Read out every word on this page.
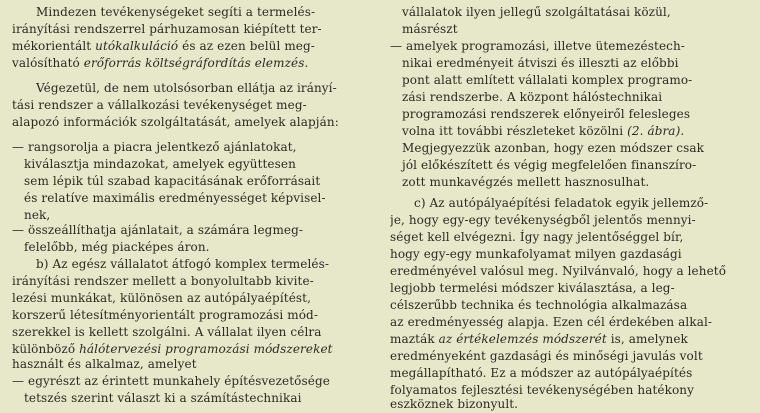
Mindezen tevékenységeket segíti a termelés-
irányítási rendszerrel párhuzamosan kiépített ter-
mékorientált utókalkuláció és az ezen belül meg-
valósítható erőforrás költségráfordítás elemzés.
Végezetül, de nem utolsósorban ellátja az irányí-
tási rendszer a vállalkozási tevékenységet meg-
alapozó információk szolgáltatását, amelyek alapján:
— rangsorolja a piacra jelentkező ajánlatokat,
kiválasztja mindazokat, amelyek együttesen
sem lépik túl szabad kapacitásának erőforrásait
és relatíve maximális eredményességet képvisel-
nek,
— összeállíthatja ajánlatait, a számára legmeg-
felelőbb, még piacképes áron.
b) Az egész vállalatot átfogó komplex termelés-
irányítási rendszer mellett a bonyolultabb kivite-
lezési munkákat, különösen az autópályaépítést,
korszerű létesítményorientált programozási mód-
szerekkel is kellett szolgálni. A vállalat ilyen célra
különböző hálótervezési programozási módszereket
használt és alkalmaz, amelyet
— egyrészt az érintett munkahely építésvezetősége
tetszés szerint választ ki a számítástechnikai
vállalatok ilyen jellegű szolgáltatásai közül,
másrészt
— amelyek programozási, illetve ütemezéstech-
nikai eredményeit átviszi és illeszti az előbbi
pont alatt említett vállalati komplex programo-
zási rendszerbe. A központ hálóstechnikai
programozási rendszerek előnyeiről felesleges
volna itt további részleteket közölni (2. ábra).
Megjegyezzük azonban, hogy ezen módszer csak
jól előkészített és végig megfelelően finanszíro-
zott munkavégzés mellett hasznosulhat.
c) Az autópályaépítési feladatok egyik jellemző-
je, hogy egy-egy tevékenységből jelentős mennyi-
séget kell elvégezni. Így nagy jelentőséggel bír,
hogy egy-egy munkafolyamat milyen gazdasági
eredményével valósul meg. Nyilvánvaló, hogy a lehető
legjobb termelési módszer kiválasztása, a leg-
célszerűbb technika és technológia alkalmazása
az eredményesség alapja. Ezen cél érdekében alkal-
mazták az értékelemzés módszerét is, amelynek
eredményeként gazdasági és minőségi javulás volt
megállapítható. Ez a módszer az autópályaépítés
folyamatos fejlesztési tevékenységében hatékony
eszköznek bizonyult.
